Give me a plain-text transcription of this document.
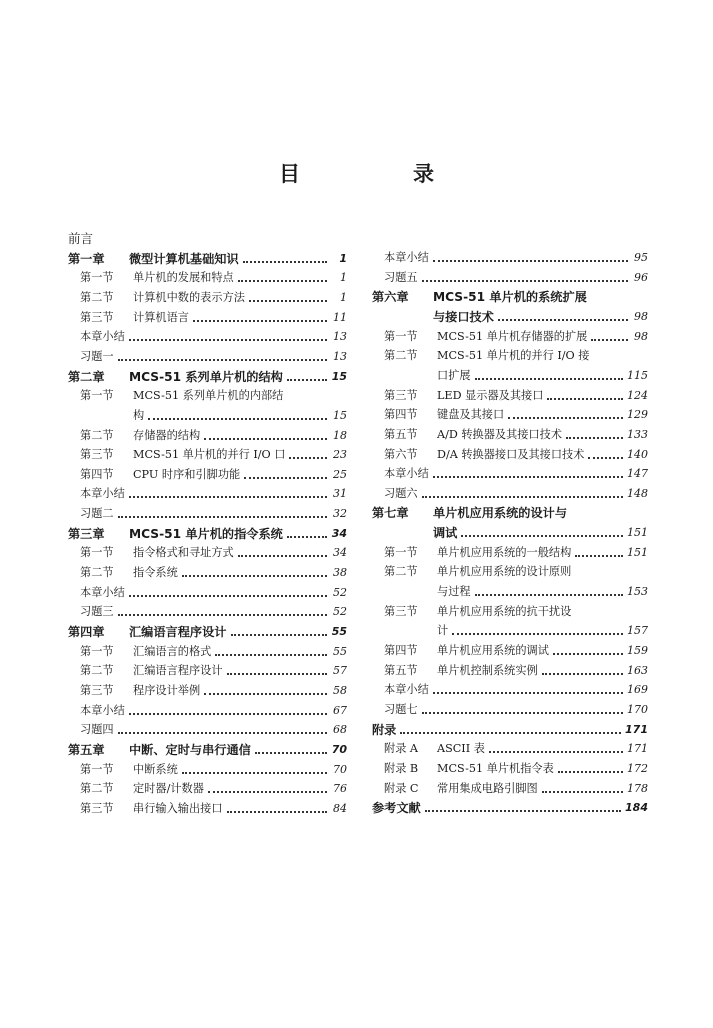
目　录
前言
第一章 微型计算机基础知识	1
第一节 单片机的发展和特点	1
第二节 计算机中数的表示方法	1
第三节 计算机语言	11
本章小结	13
习题一	13
第二章 MCS-51 系列单片机的结构	15
第一节 MCS-51 系列单片机的内部结
构	15
第二节 存储器的结构	18
第三节 MCS-51 单片机的并行 I/O 口	23
第四节 CPU 时序和引脚功能	25
本章小结	31
习题二	32
第三章 MCS-51 单片机的指令系统	34
第一节 指令格式和寻址方式	34
第二节 指令系统	38
本章小结	52
习题三	52
第四章 汇编语言程序设计	55
第一节 汇编语言的格式	55
第二节 汇编语言程序设计	57
第三节 程序设计举例	58
本章小结	67
习题四	68
第五章 中断、定时与串行通信	70
第一节 中断系统	70
第二节 定时器/计数器	76
第三节 串行输入输出接口	84
本章小结	95
习题五	96
第六章 MCS-51 单片机的系统扩展
与接口技术	98
第一节 MCS-51 单片机存储器的扩展	98
第二节 MCS-51 单片机的并行 I/O 接
口扩展	115
第三节 LED 显示器及其接口	124
第四节 键盘及其接口	129
第五节 A/D 转换器及其接口技术	133
第六节 D/A 转换器接口及其接口技术	140
本章小结	147
习题六	148
第七章 单片机应用系统的设计与
调试	151
第一节 单片机应用系统的一般结构	151
第二节 单片机应用系统的设计原则
与过程	153
第三节 单片机应用系统的抗干扰设
计	157
第四节 单片机应用系统的调试	159
第五节 单片机控制系统实例	163
本章小结	169
习题七	170
附录	171
附录 A ASCII 表	171
附录 B MCS-51 单片机指令表	172
附录 C 常用集成电路引脚图	178
参考文献	184
